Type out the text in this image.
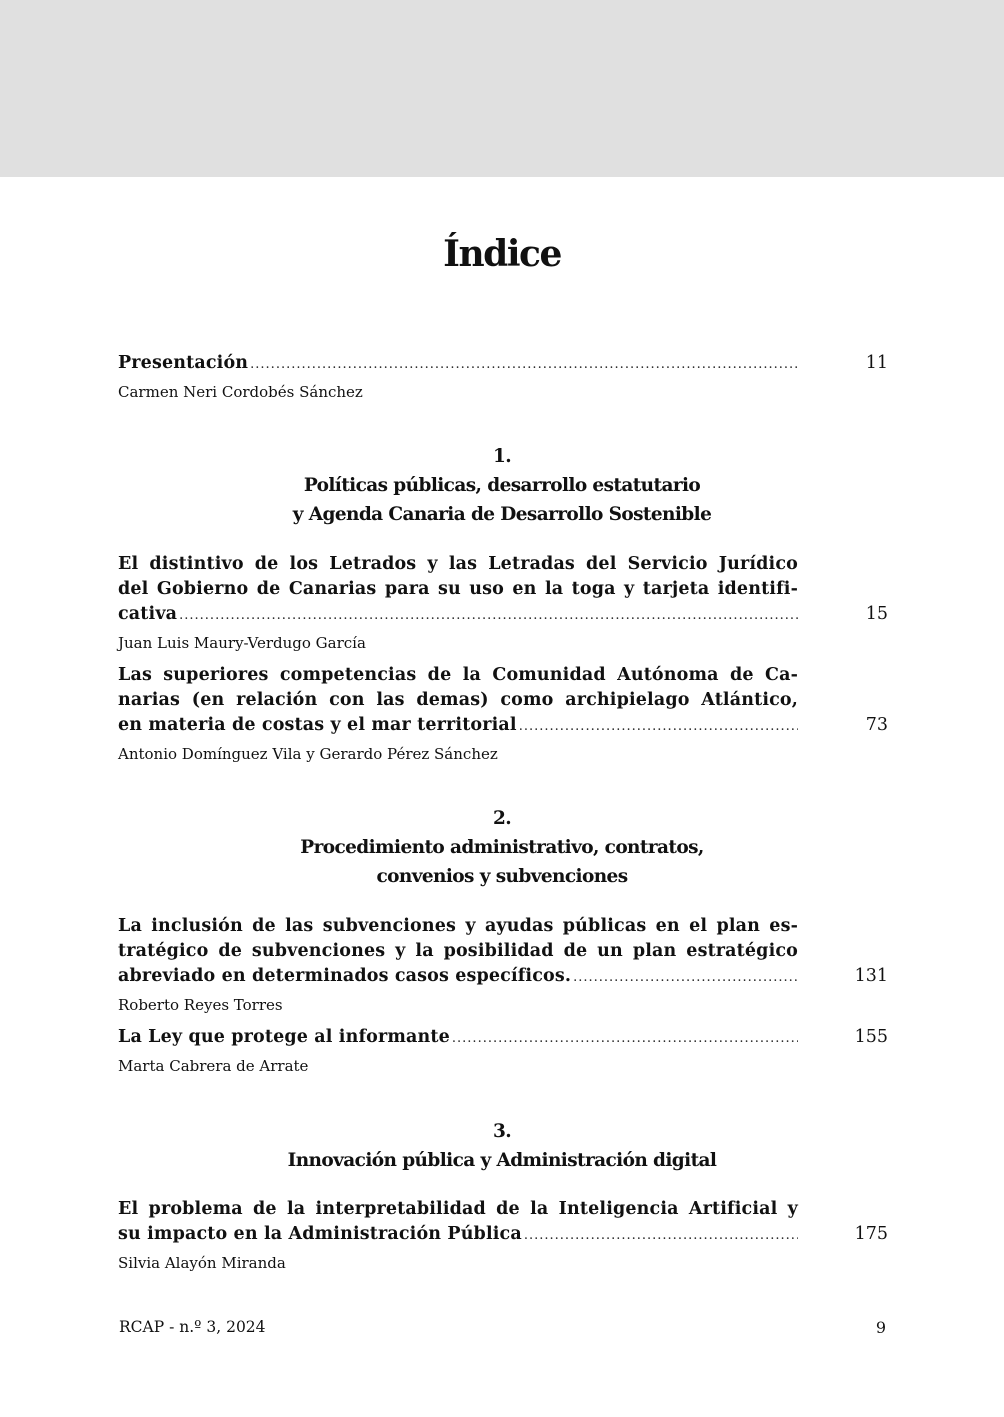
Índice
Presentación .....	11
Carmen Neri Cordobés Sánchez
1.
Políticas públicas, desarrollo estatutario
y Agenda Canaria de Desarrollo Sostenible
El distintivo de los Letrados y las Letradas del Servicio Jurídico
del Gobierno de Canarias para su uso en la toga y tarjeta identifi-
cativa .....	15
Juan Luis Maury-Verdugo García
Las superiores competencias de la Comunidad Autónoma de Ca-
narias (en relación con las demas) como archipielago Atlántico,
en materia de costas y el mar territorial .....	73
Antonio Domínguez Vila y Gerardo Pérez Sánchez
2.
Procedimiento administrativo, contratos,
convenios y subvenciones
La inclusión de las subvenciones y ayudas públicas en el plan es-
tratégico de subvenciones y la posibilidad de un plan estratégico
abreviado en determinados casos específicos. .....	131
Roberto Reyes Torres
La Ley que protege al informante .....	155
Marta Cabrera de Arrate
3.
Innovación pública y Administración digital
El problema de la interpretabilidad de la Inteligencia Artificial y
su impacto en la Administración Pública .....	175
Silvia Alayón Miranda
RCAP - n.º 3, 2024	9
